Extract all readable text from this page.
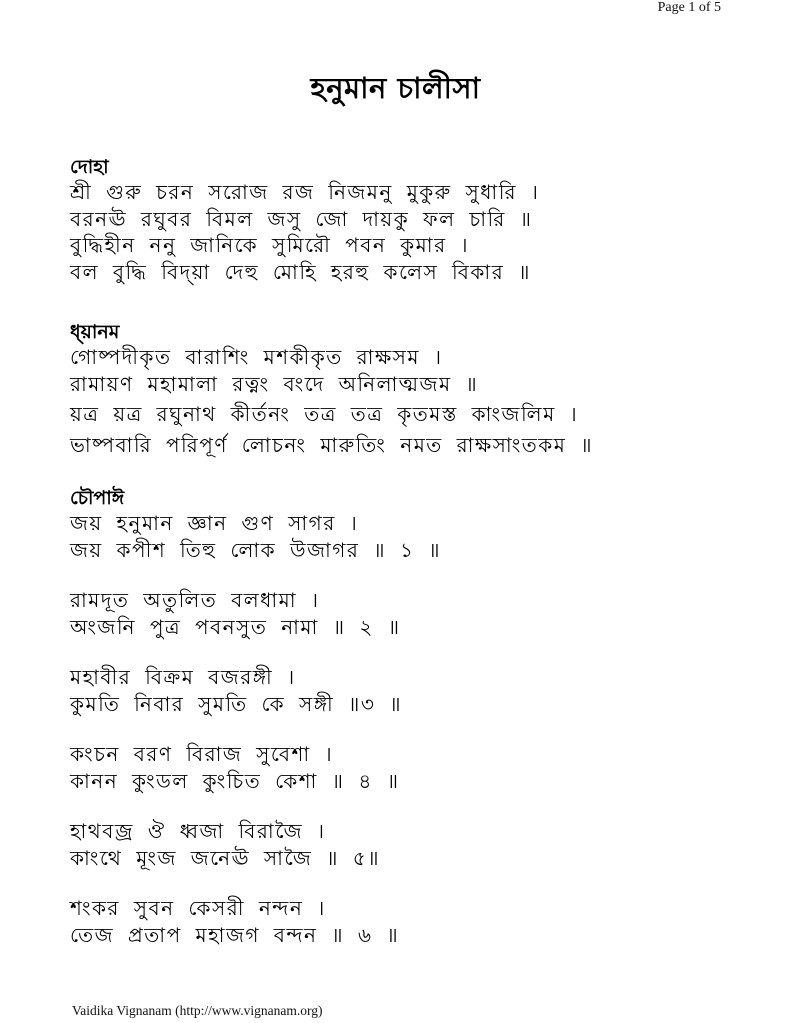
Page 1 of 5
হনুমান চালীসা
দোহা
শ্রী গুরু চরন সরোজ রজ নিজমনু মুকুরু সুধারি ।
বরনঊ রঘুবর বিমল জসু জো দায়কু ফল চারি ॥
বুদ্ধিহীন ননু জানিকে সুমিরৌ পবন কুমার ।
বল বুদ্ধি বিদ্য়া দেহু মোহি হরহু কলেস বিকার ॥
ধ্য়ানম
গোষ্পদীকৃত বারাশিং মশকীকৃত রাক্ষসম ।
রামায়ণ মহামালা রত্নং বংদে অনিলাত্মজম ॥
য়ত্র য়ত্র রঘুনাথ কীর্তনং তত্র তত্র কৃতমস্ত কাংজলিম ।
ভাষ্পবারি পরিপূর্ণ লোচনং মারুতিং নমত রাক্ষসাংতকম ॥
চৌপাঈ
জয় হনুমান জ্ঞান গুণ সাগর ।
জয় কপীশ তিহু লোক উজাগর ॥ ১ ॥
রামদূত অতুলিত বলধামা ।
অংজনি পুত্র পবনসুত নামা ॥ ২ ॥
মহাবীর বিক্রম বজরঙ্গী ।
কুমতি নিবার সুমতি কে সঙ্গী ॥৩ ॥
কংচন বরণ বিরাজ সুবেশা ।
কানন কুংডল কুংচিত কেশা ॥ ৪ ॥
হাথবজ্র ঔ ধ্বজা বিরাজৈ ।
কাংথে মূংজ জনেঊ সাজৈ ॥ ৫॥
শংকর সুবন কেসরী নন্দন ।
তেজ প্রতাপ মহাজগ বন্দন ॥ ৬ ॥
Vaidika Vignanam (http://www.vignanam.org)
